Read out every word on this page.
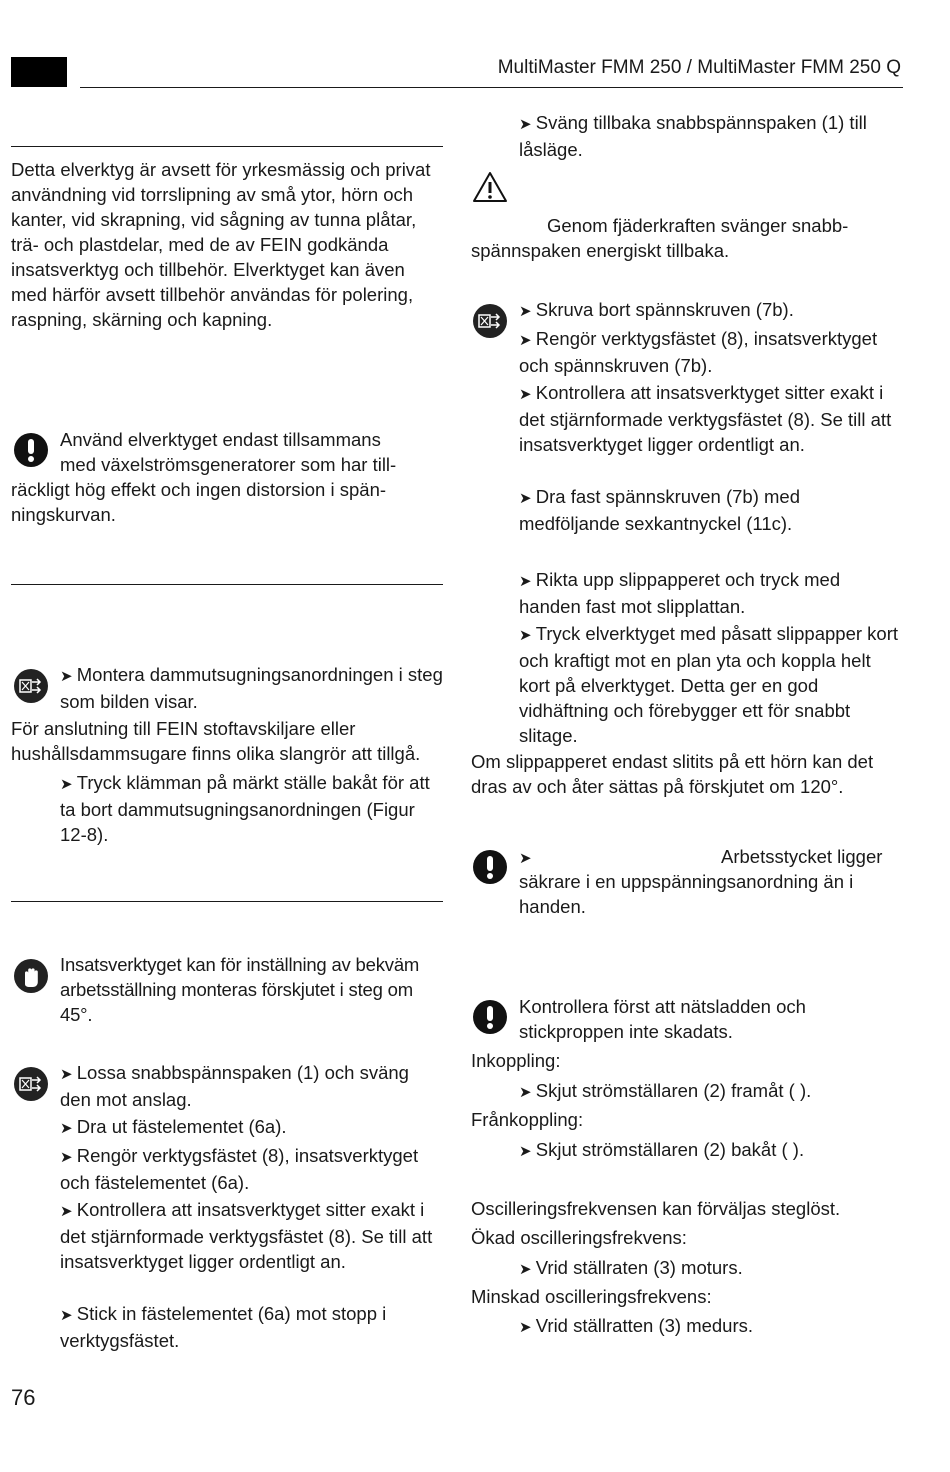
MultiMaster FMM 250 / MultiMaster FMM 250 Q

Detta elverktyg är avsett för yrkesmässig och privat användning vid torrslipning av små ytor, hörn och kanter, vid skrapning, vid sågning av tunna plåtar, trä- och plastdelar, med de av FEIN godkända insatsverktyg och tillbehör. Elverktyget kan även med härför avsett tillbehör användas för polering, raspning, skärning och kapning.

Använd elverktyget endast tillsammans
med växelströmsgeneratorer som har till-
räckligt hög effekt och ingen distorsion i spän-
ningskurvan.

➤ Montera dammutsugningsanordningen i steg som bilden visar.

För anslutning till FEIN stoftavskiljare eller hushållsdammsugare finns olika slangrör att tillgå.

➤ Tryck klämman på märkt ställe bakåt för att ta bort dammutsugningsanordningen (Figur 12-8).

Insatsverktyget kan för inställning av bekväm arbetsställning monteras förskjutet i steg om 45°.

➤ Lossa snabbspännspaken (1) och sväng den mot anslag.

➤ Dra ut fästelementet (6a).

➤ Rengör verktygsfästet (8), insatsverktyget och fästelementet (6a).

➤ Kontrollera att insatsverktyget sitter exakt i det stjärnformade verktygsfästet (8). Se till att insatsverktyget ligger ordentligt an.

➤ Stick in fästelementet (6a) mot stopp i verktygsfästet.

76

➤ Sväng tillbaka snabbspännspaken (1) till låsläge.

Genom fjäderkraften svänger snabb-
spännspaken energiskt tillbaka.

➤ Skruva bort spännskruven (7b).

➤ Rengör verktygsfästet (8), insatsverktyget och spännskruven (7b).

➤ Kontrollera att insatsverktyget sitter exakt i det stjärnformade verktygsfästet (8). Se till att insatsverktyget ligger ordentligt an.

➤ Dra fast spännskruven (7b) med medföljande sexkantnyckel (11c).

➤ Rikta upp slippapperet och tryck med handen fast mot slipplattan.

➤ Tryck elverktyget med påsatt slippapper kort och kraftigt mot en plan yta och koppla helt kort på elverktyget. Detta ger en god vidhäftning och förebygger ett för snabbt slitage.

Om slippapperet endast slitits på ett hörn kan det dras av och åter sättas på förskjutet om 120°.

➤	Arbetsstycket ligger

säkrare i en uppspänningsanordning än i handen.

Kontrollera först att nätsladden och stickproppen inte skadats.

Inkoppling:
➤ Skjut strömställaren (2) framåt ( ).
Frånkoppling:
➤ Skjut strömställaren (2) bakåt ( ).
Oscilleringsfrekvensen kan förväljas steglöst.
Ökad oscilleringsfrekvens:
➤ Vrid ställraten (3) moturs.
Minskad oscilleringsfrekvens:
➤ Vrid ställratten (3) medurs.
